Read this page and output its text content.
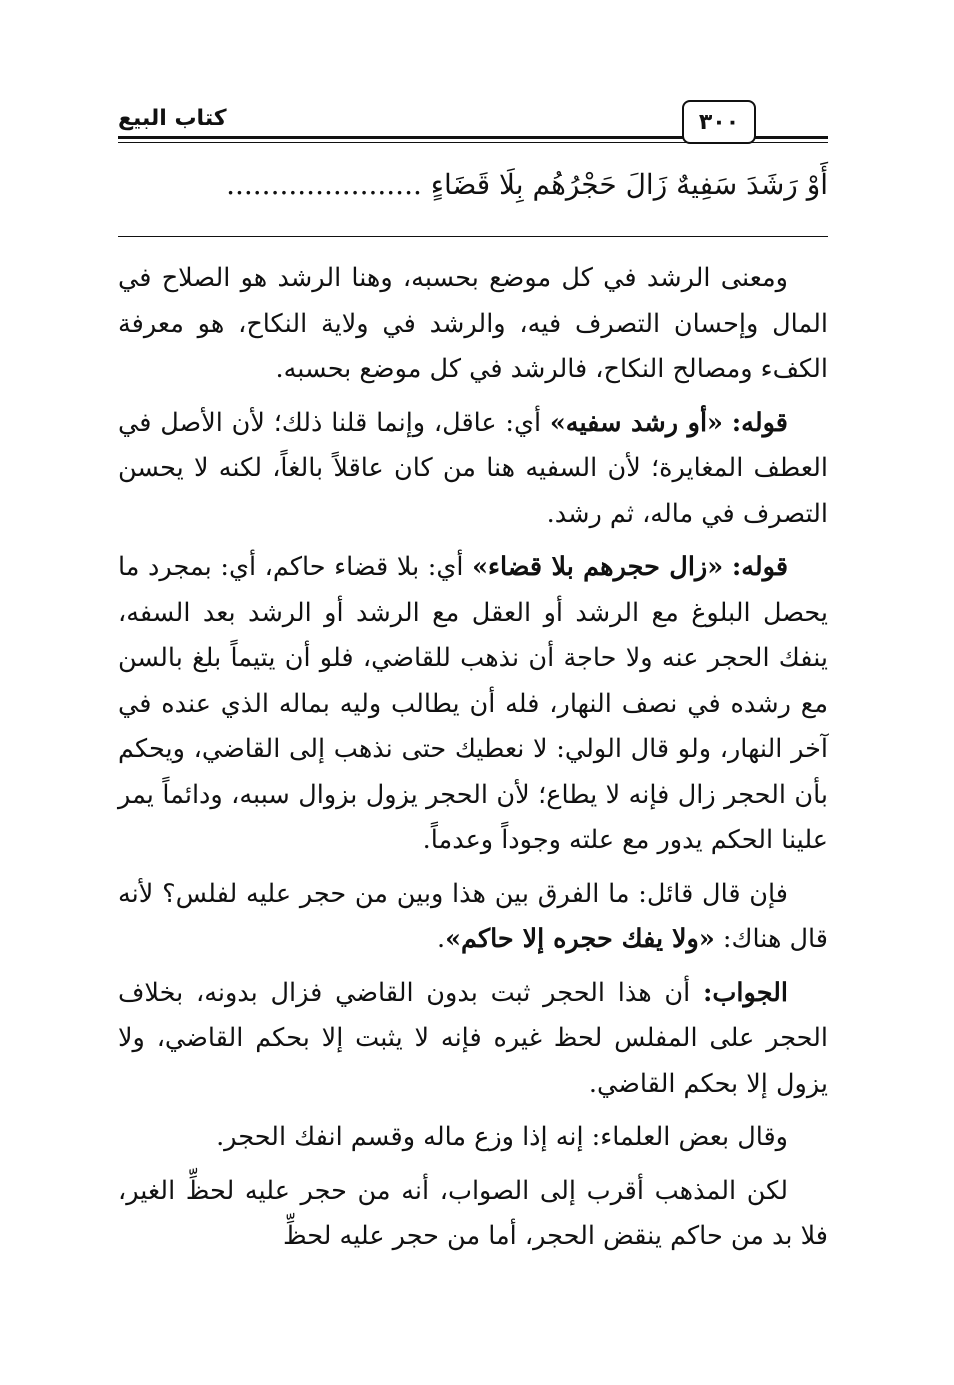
كتاب البيع	٣٠٠
أَوْ رَشَدَ سَفِيهٌ زَالَ حَجْرُهُم بِلَا قَضَاءٍ ......................

ومعنى الرشد في كل موضع بحسبه، وهنا الرشد هو الصلاح في المال وإحسان التصرف فيه، والرشد في ولاية النكاح، هو معرفة الكفء ومصالح النكاح، فالرشد في كل موضع بحسبه.

قوله: «أو رشد سفيه» أي: عاقل، وإنما قلنا ذلك؛ لأن الأصل في العطف المغايرة؛ لأن السفيه هنا من كان عاقلاً بالغاً، لكنه لا يحسن التصرف في ماله، ثم رشد.

قوله: «زال حجرهم بلا قضاء» أي: بلا قضاء حاكم، أي: بمجرد ما يحصل البلوغ مع الرشد أو العقل مع الرشد أو الرشد بعد السفه، ينفك الحجر عنه ولا حاجة أن نذهب للقاضي، فلو أن يتيماً بلغ بالسن مع رشده في نصف النهار، فله أن يطالب وليه بماله الذي عنده في آخر النهار، ولو قال الولي: لا نعطيك حتى نذهب إلى القاضي، ويحكم بأن الحجر زال فإنه لا يطاع؛ لأن الحجر يزول بزوال سببه، ودائماً يمر علينا الحكم يدور مع علته وجوداً وعدماً.

فإن قال قائل: ما الفرق بين هذا وبين من حجر عليه لفلس؟ لأنه قال هناك: «ولا يفك حجره إلا حاكم».

الجواب: أن هذا الحجر ثبت بدون القاضي فزال بدونه، بخلاف الحجر على المفلس لحظ غيره فإنه لا يثبت إلا بحكم القاضي، ولا يزول إلا بحكم القاضي.

وقال بعض العلماء: إنه إذا وزع ماله وقسم انفك الحجر.

لكن المذهب أقرب إلى الصواب، أنه من حجر عليه لحظِّ الغير، فلا بد من حاكم ينقض الحجر، أما من حجر عليه لحظِّ
